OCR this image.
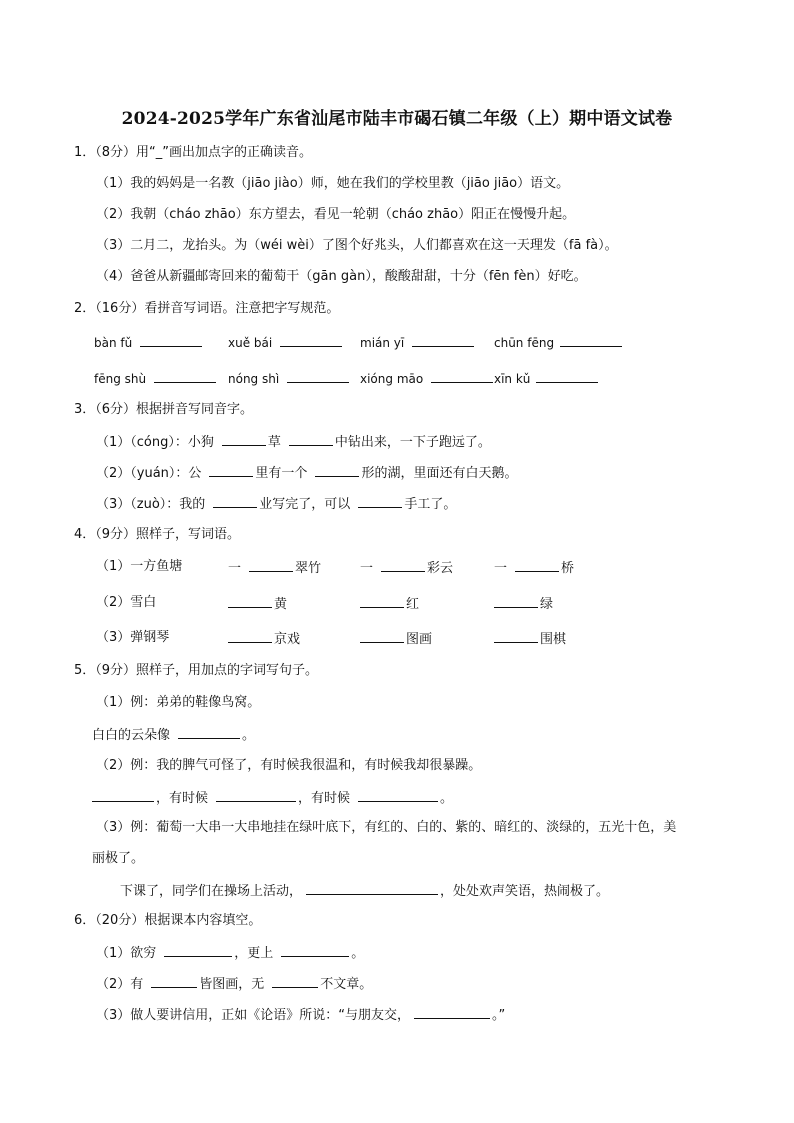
2024-2025学年广东省汕尾市陆丰市碣石镇二年级（上）期中语文试卷
1．（8分）用“_”画出加点字的正确读音。
（1）我的妈妈是一名教（jiāo jiào）师，她在我们的学校里教（jiāo jiāo）语文。
（2）我朝（cháo zhāo）东方望去，看见一轮朝（cháo zhāo）阳正在慢慢升起。
（3）二月二，龙抬头。为（wéi wèi）了图个好兆头，人们都喜欢在这一天理发（fā fà）。
（4）爸爸从新疆邮寄回来的葡萄干（gān gàn），酸酸甜甜，十分（fēn fèn）好吃。
2．（16分）看拼音写词语。注意把字写规范。
bàn fǔ	xuě bái	mián yī	chūn fēng
fēng shù	nóng shì	xióng māo	xīn kǔ
3．（6分）根据拼音写同音字。
（1）（cóng）：小狗	草	中钻出来，一下子跑远了。
（2）（yuán）：公	里有一个	形的湖，里面还有白天鹅。
（3）（zuò）：我的	业写完了，可以	手工了。
4．（9分）照样子，写词语。
（1）一方鱼塘	一	翠竹	一	彩云	一	桥
（2）雪白	黄	红	绿
（3）弹钢琴	京戏	图画	围棋
5．（9分）照样子，用加点的字词写句子。
（1）例：弟弟的鞋像鸟窝。
白白的云朵像	。
（2）例：我的脾气可怪了，有时候我很温和，有时候我却很暴躁。
，有时候	，有时候	。
（3）例：葡萄一大串一大串地挂在绿叶底下，有红的、白的、紫的、暗红的、淡绿的，五光十色，美
丽极了。
下课了，同学们在操场上活动，	，处处欢声笑语，热闹极了。
6．（20分）根据课本内容填空。
（1）欲穷	，更上	。
（2）有	皆图画，无	不文章。
（3）做人要讲信用，正如《论语》所说：“与朋友交，	。”
